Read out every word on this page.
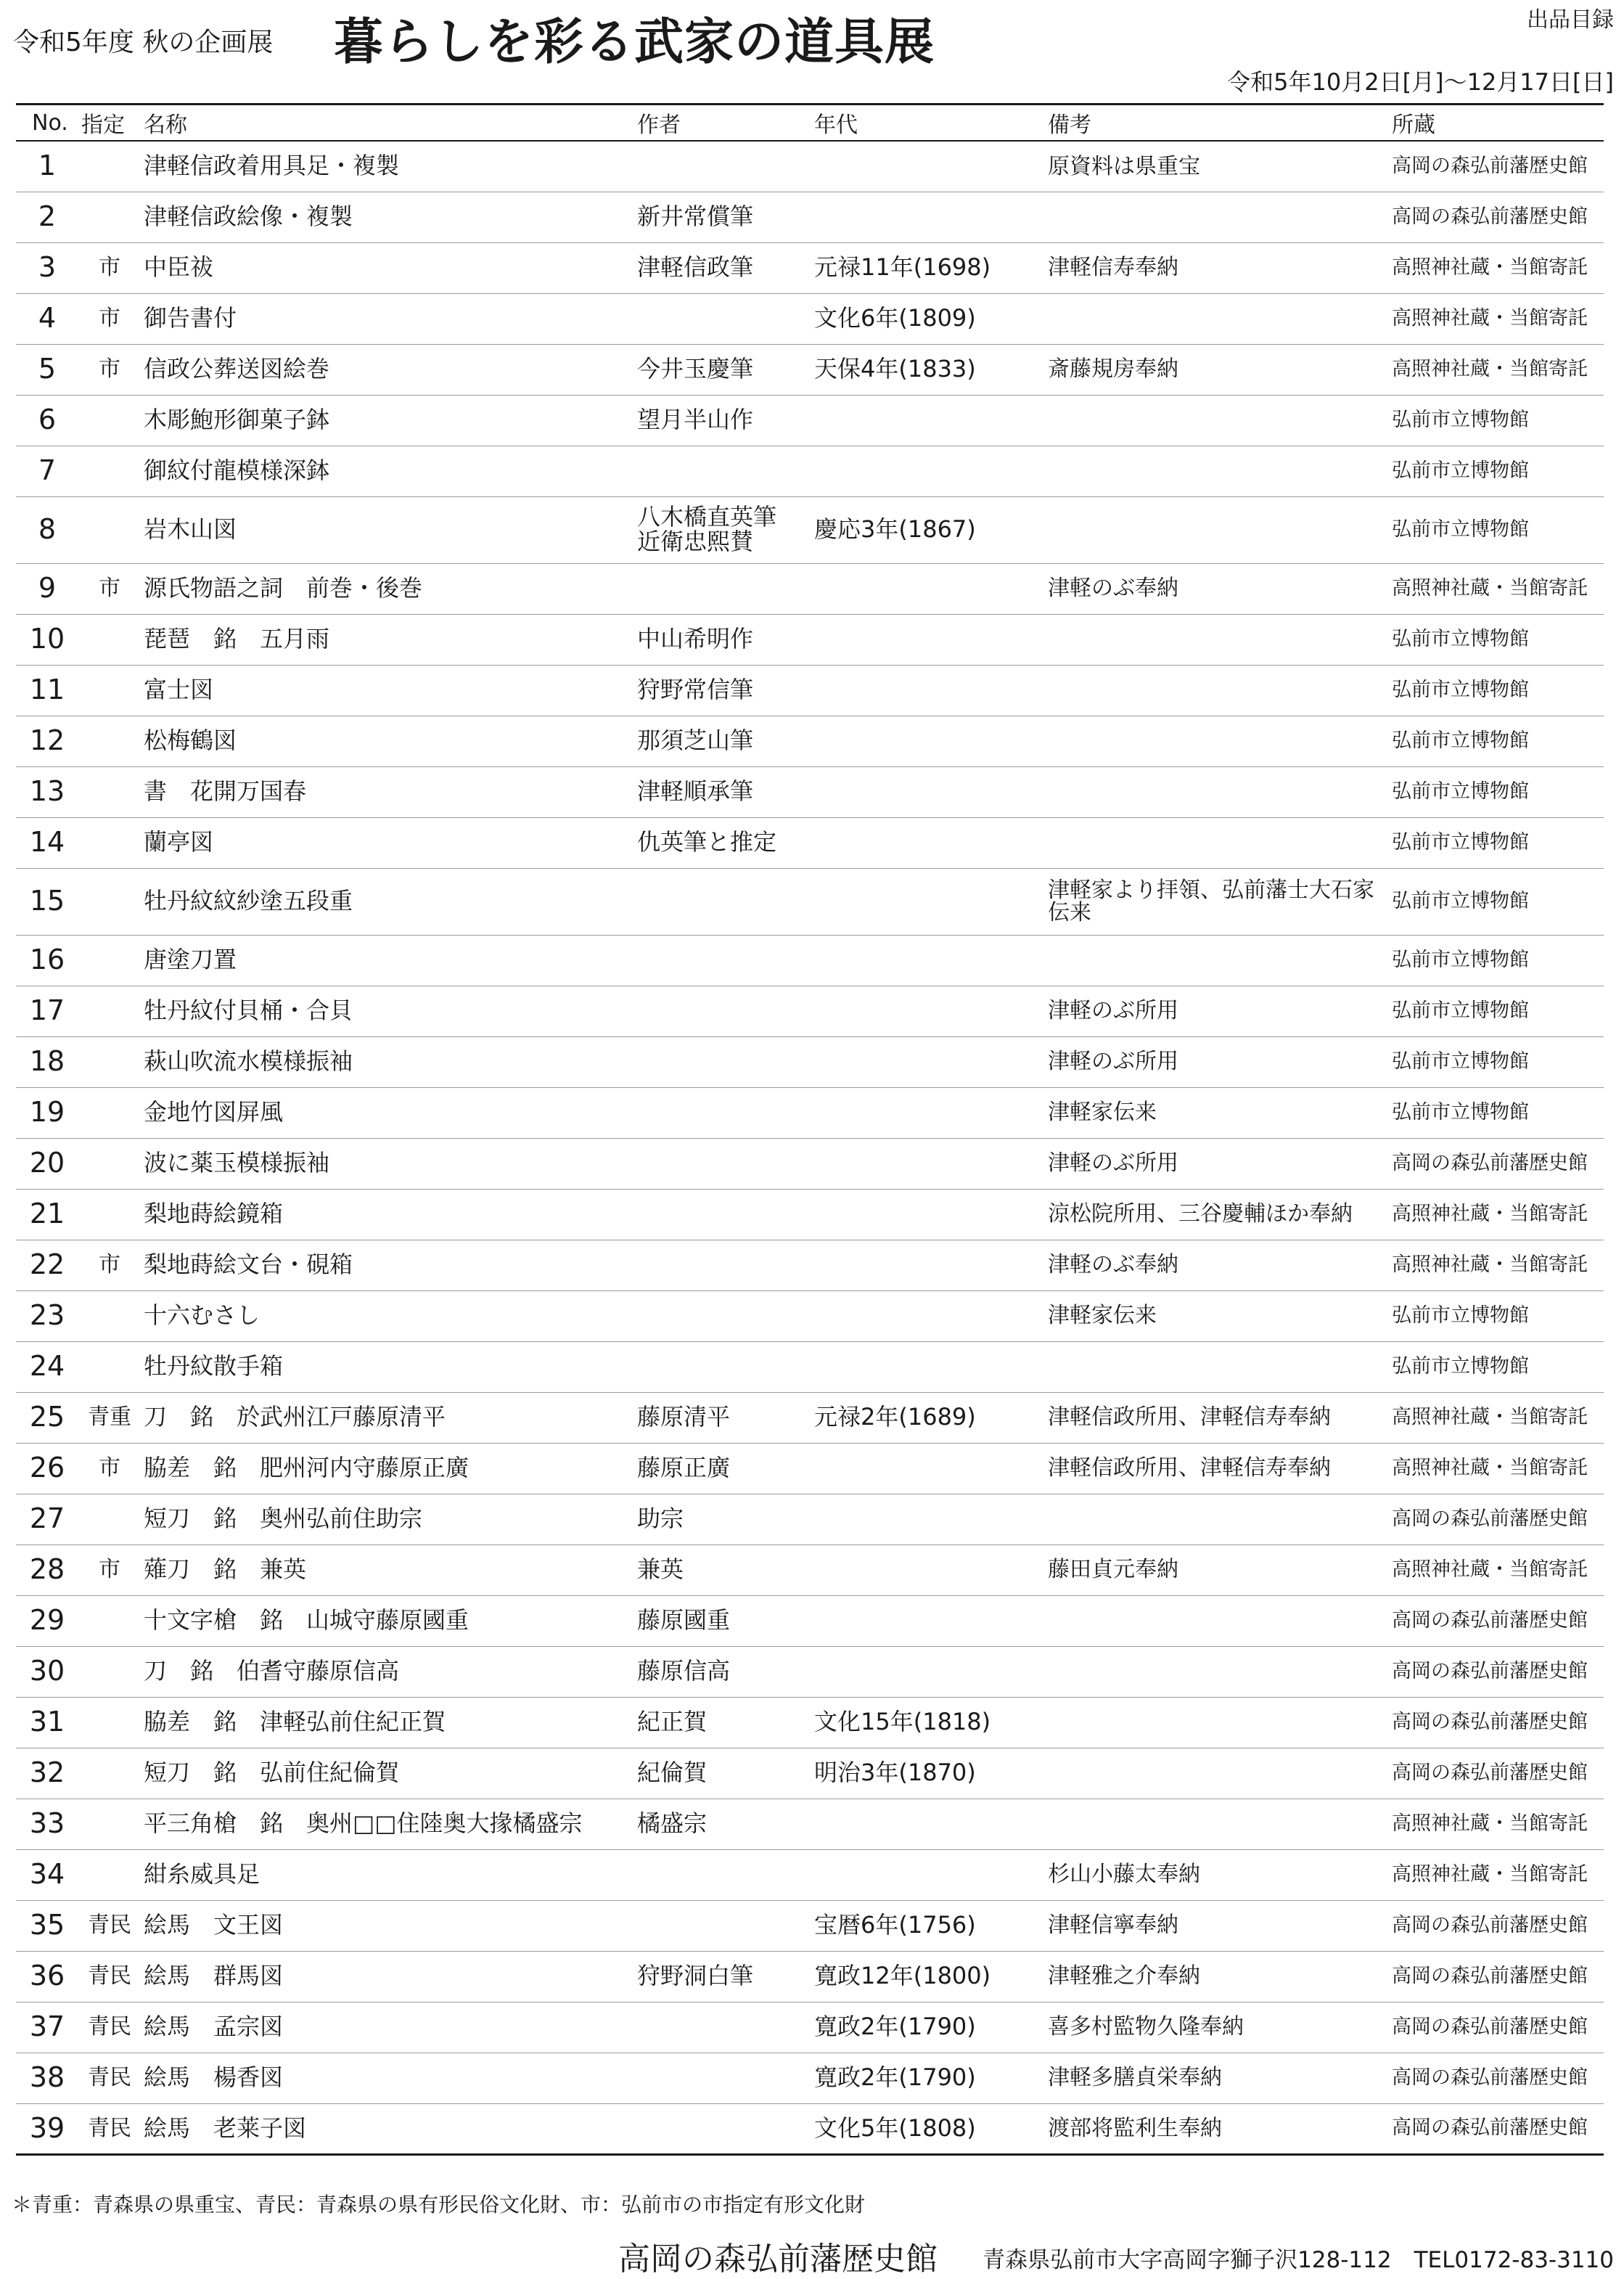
令和5年度 秋の企画展 暮らしを彩る武家の道具展	出品目録
令和5年10月2日[月]〜12月17日[日]
No.	指定	名称	作者	年代	備考	所蔵
1		津軽信政着用具足・複製			原資料は県重宝	高岡の森弘前藩歴史館
2		津軽信政絵像・複製	新井常償筆			高岡の森弘前藩歴史館
3	市	中臣祓	津軽信政筆	元禄11年(1698)	津軽信寿奉納	高照神社蔵・当館寄託
4	市	御告書付		文化6年(1809)		高照神社蔵・当館寄託
5	市	信政公葬送図絵巻	今井玉慶筆	天保4年(1833)	斎藤規房奉納	高照神社蔵・当館寄託
6		木彫鮑形御菓子鉢	望月半山作			弘前市立博物館
7		御紋付龍模様深鉢				弘前市立博物館
8		岩木山図	八木橋直英筆
近衛忠熙賛	慶応3年(1867)		弘前市立博物館
9	市	源氏物語之詞　前巻・後巻			津軽のぶ奉納	高照神社蔵・当館寄託
10		琵琶　銘　五月雨	中山希明作			弘前市立博物館
11		富士図	狩野常信筆			弘前市立博物館
12		松梅鶴図	那須芝山筆			弘前市立博物館
13		書　花開万国春	津軽順承筆			弘前市立博物館
14		蘭亭図	仇英筆と推定			弘前市立博物館
15		牡丹紋紋紗塗五段重			津軽家より拝領、弘前藩士大石家
伝来	弘前市立博物館
16		唐塗刀置				弘前市立博物館
17		牡丹紋付貝桶・合貝			津軽のぶ所用	弘前市立博物館
18		萩山吹流水模様振袖			津軽のぶ所用	弘前市立博物館
19		金地竹図屏風			津軽家伝来	弘前市立博物館
20		波に薬玉模様振袖			津軽のぶ所用	高岡の森弘前藩歴史館
21		梨地蒔絵鏡箱			涼松院所用、三谷慶輔ほか奉納	高照神社蔵・当館寄託
22	市	梨地蒔絵文台・硯箱			津軽のぶ奉納	高照神社蔵・当館寄託
23		十六むさし			津軽家伝来	弘前市立博物館
24		牡丹紋散手箱				弘前市立博物館
25	青重	刀　銘　於武州江戸藤原清平	藤原清平	元禄2年(1689)	津軽信政所用、津軽信寿奉納	高照神社蔵・当館寄託
26	市	脇差　銘　肥州河内守藤原正廣	藤原正廣		津軽信政所用、津軽信寿奉納	高照神社蔵・当館寄託
27		短刀　銘　奥州弘前住助宗	助宗			高岡の森弘前藩歴史館
28	市	薙刀　銘　兼英	兼英		藤田貞元奉納	高照神社蔵・当館寄託
29		十文字槍　銘　山城守藤原國重	藤原國重			高岡の森弘前藩歴史館
30		刀　銘　伯耆守藤原信高	藤原信高			高岡の森弘前藩歴史館
31		脇差　銘　津軽弘前住紀正賀	紀正賀	文化15年(1818)		高岡の森弘前藩歴史館
32		短刀　銘　弘前住紀倫賀	紀倫賀	明治3年(1870)		高岡の森弘前藩歴史館
33		平三角槍　銘　奥州□□住陸奥大掾橘盛宗	橘盛宗			高照神社蔵・当館寄託
34		紺糸威具足			杉山小藤太奉納	高照神社蔵・当館寄託
35	青民	絵馬　文王図		宝暦6年(1756)	津軽信寧奉納	高岡の森弘前藩歴史館
36	青民	絵馬　群馬図	狩野洞白筆	寛政12年(1800)	津軽雅之介奉納	高岡の森弘前藩歴史館
37	青民	絵馬　孟宗図		寛政2年(1790)	喜多村監物久隆奉納	高岡の森弘前藩歴史館
38	青民	絵馬　楊香図		寛政2年(1790)	津軽多膳貞栄奉納	高岡の森弘前藩歴史館
39	青民	絵馬　老莱子図		文化5年(1808)	渡部将監利生奉納	高岡の森弘前藩歴史館
＊青重：青森県の県重宝、青民：青森県の県有形民俗文化財、市：弘前市の市指定有形文化財
高岡の森弘前藩歴史館 青森県弘前市大字高岡字獅子沢128-112　TEL0172-83-3110
